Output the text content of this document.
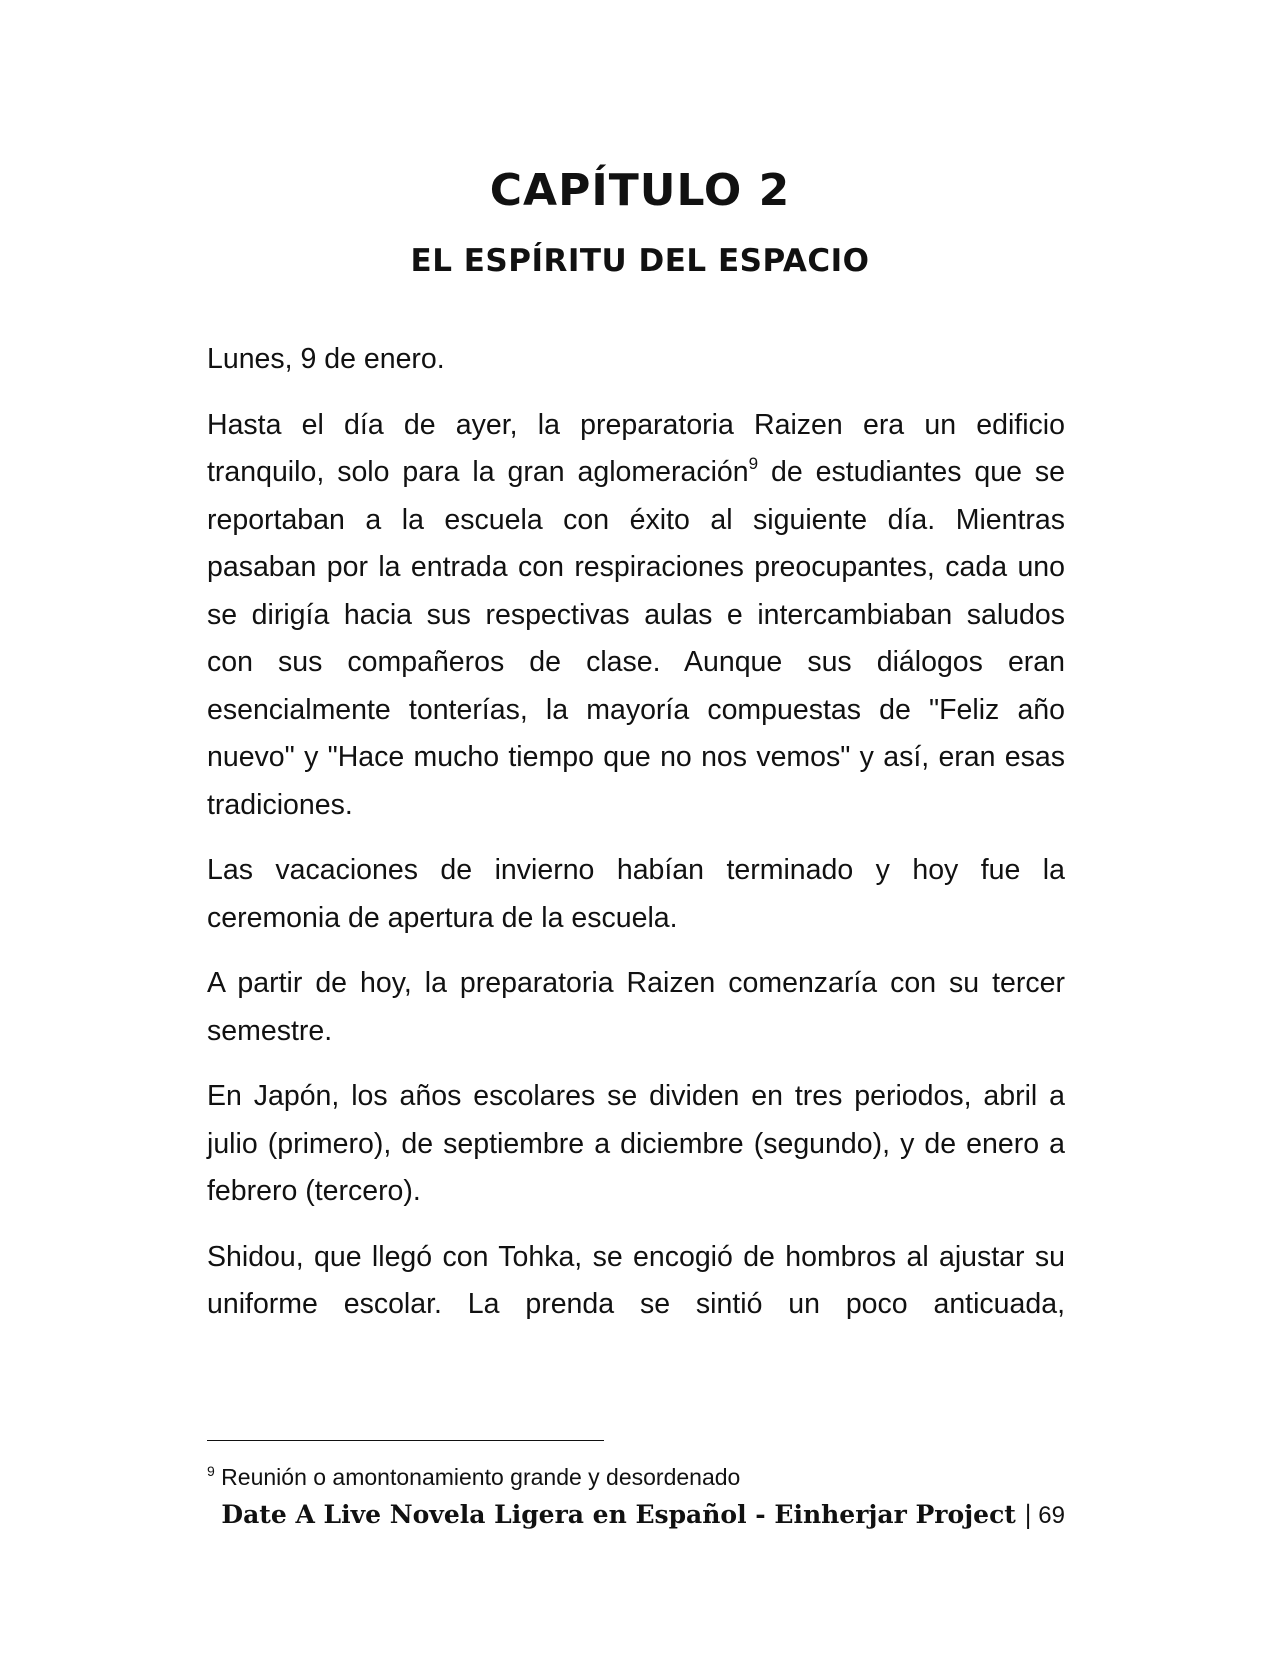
CAPÍTULO 2
EL ESPÍRITU DEL ESPACIO

Lunes, 9 de enero.

Hasta el día de ayer, la preparatoria Raizen era un edificio tranquilo, solo para la gran aglomeración$^9$ de estudiantes que se reportaban a la escuela con éxito al siguiente día. Mientras pasaban por la entrada con respiraciones preocupantes, cada uno se dirigía hacia sus respectivas aulas e intercambiaban saludos con sus compañeros de clase. Aunque sus diálogos eran esencialmente tonterías, la mayoría compuestas de "Feliz año nuevo" y "Hace mucho tiempo que no nos vemos" y así, eran esas tradiciones.

Las vacaciones de invierno habían terminado y hoy fue la ceremonia de apertura de la escuela.

A partir de hoy, la preparatoria Raizen comenzaría con su tercer semestre.

En Japón, los años escolares se dividen en tres periodos, abril a julio (primero), de septiembre a diciembre (segundo), y de enero a febrero (tercero).

Shidou, que llegó con Tohka, se encogió de hombros al ajustar su uniforme escolar. La prenda se sintió un poco anticuada,

$^9$ Reunión o amontonamiento grande y desordenado
Date A Live Novela Ligera en Español - Einherjar Project | 69
